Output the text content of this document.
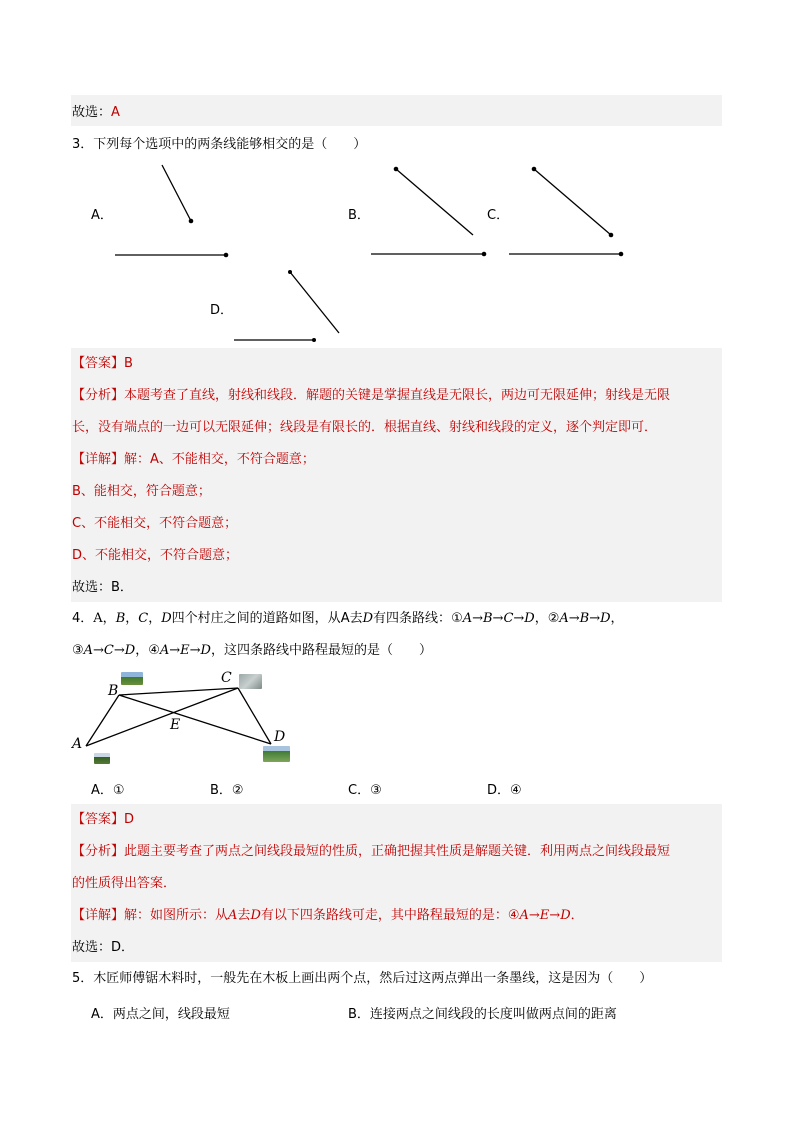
故选：A
3．下列每个选项中的两条线能够相交的是（　　）
A．	B．	C．
D．
【答案】B
【分析】本题考查了直线，射线和线段．解题的关键是掌握直线是无限长，两边可无限延伸；射线是无限
长，没有端点的一边可以无限延伸；线段是有限长的．根据直线、射线和线段的定义，逐个判定即可．
【详解】解：A、不能相交，不符合题意；
B、能相交，符合题意；
C、不能相交，不符合题意；
D、不能相交，不符合题意；
故选：B．
4．A，B，C，D四个村庄之间的道路如图，从A去D有四条路线：①A→B→C→D，②A→B→D，
③A→C→D，④A→E→D，这四条路线中路程最短的是（　　）
B
C
E
A	D
A．①	B．②	C．③	D．④
【答案】D
【分析】此题主要考查了两点之间线段最短的性质，正确把握其性质是解题关键．利用两点之间线段最短
的性质得出答案．
【详解】解：如图所示：从A去D有以下四条路线可走，其中路程最短的是：④A→E→D．
故选：D．
5．木匠师傅锯木料时，一般先在木板上画出两个点，然后过这两点弹出一条墨线，这是因为（　　）
A．两点之间，线段最短	B．连接两点之间线段的长度叫做两点间的距离
